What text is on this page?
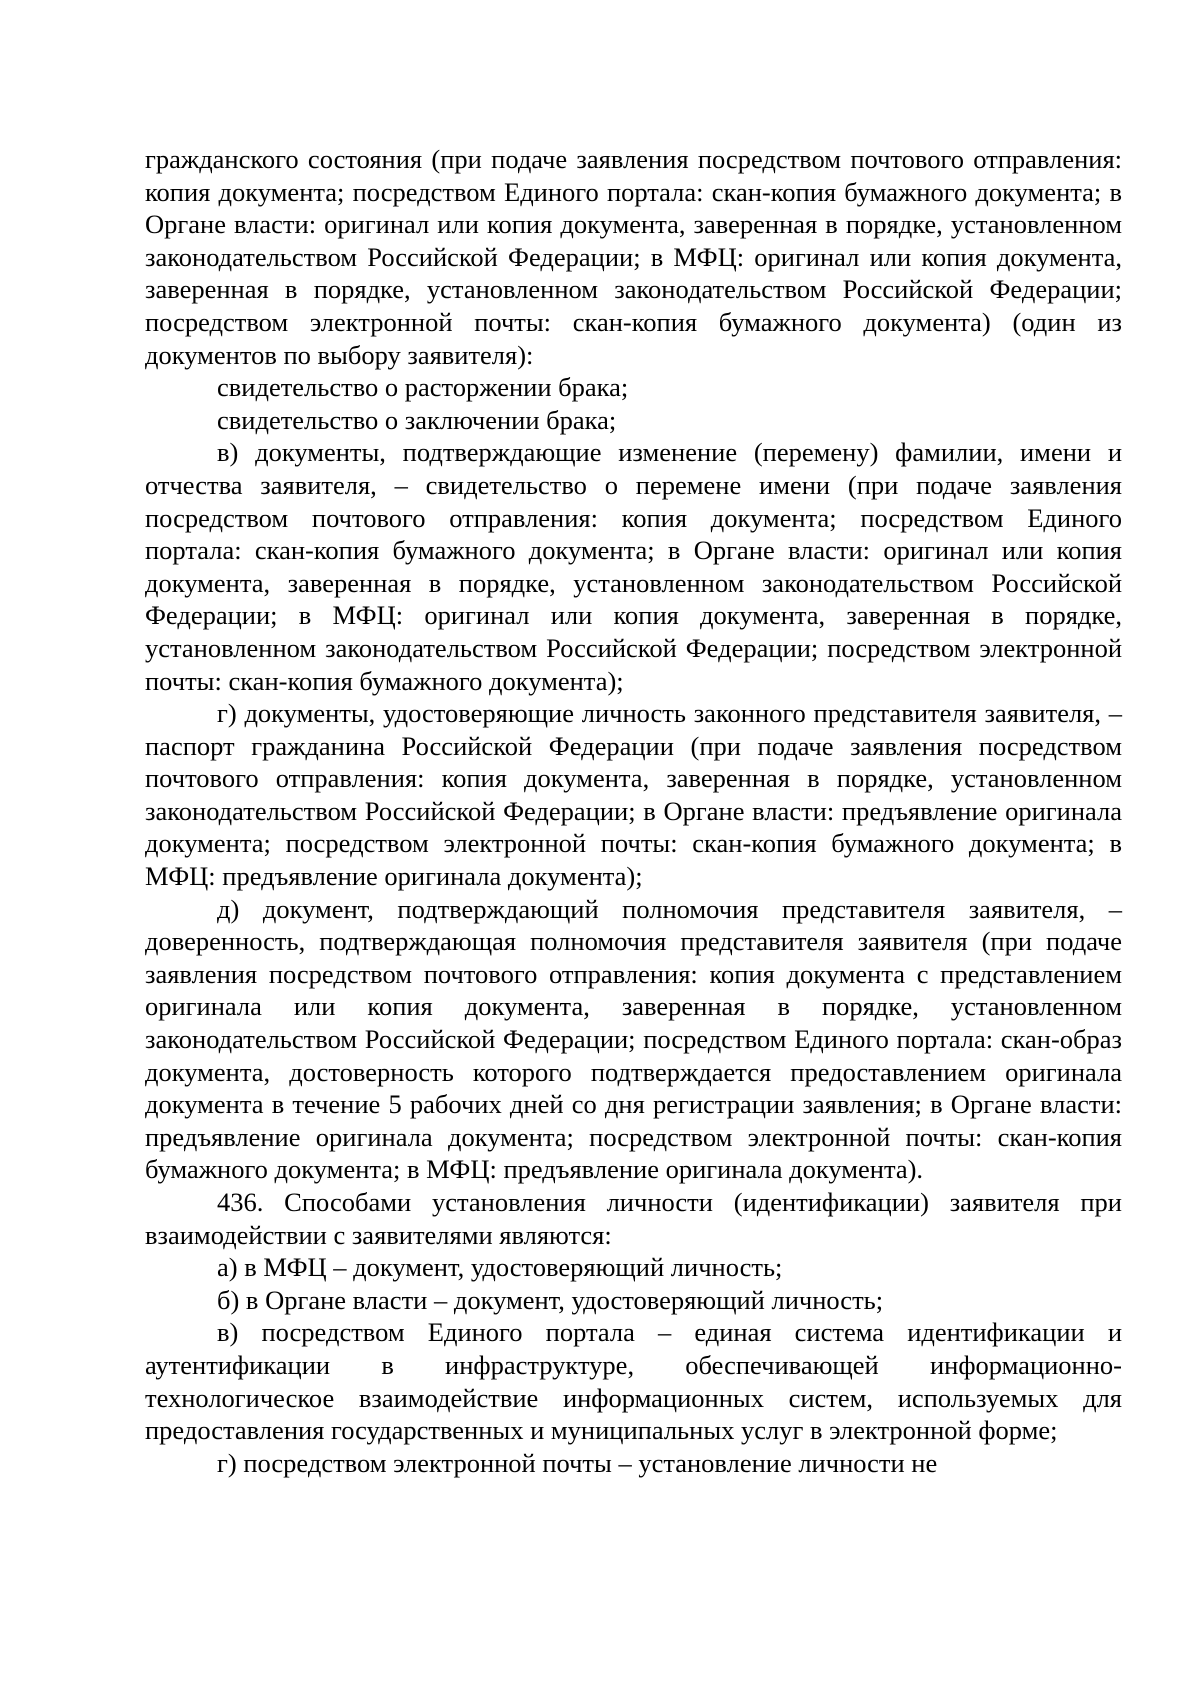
гражданского состояния (при подаче заявления посредством почтового отправления: копия документа; посредством Единого портала: скан-копия бумажного документа; в Органе власти: оригинал или копия документа, заверенная в порядке, установленном законодательством Российской Федерации; в МФЦ: оригинал или копия документа, заверенная в порядке, установленном законодательством Российской Федерации; посредством электронной почты: скан-копия бумажного документа) (один из документов по выбору заявителя):

свидетельство о расторжении брака;

свидетельство о заключении брака;

в) документы, подтверждающие изменение (перемену) фамилии, имени и отчества заявителя, – свидетельство о перемене имени (при подаче заявления посредством почтового отправления: копия документа; посредством Единого портала: скан-копия бумажного документа; в Органе власти: оригинал или копия документа, заверенная в порядке, установленном законодательством Российской Федерации; в МФЦ: оригинал или копия документа, заверенная в порядке, установленном законодательством Российской Федерации; посредством электронной почты: скан-копия бумажного документа);

г) документы, удостоверяющие личность законного представителя заявителя, – паспорт гражданина Российской Федерации (при подаче заявления посредством почтового отправления: копия документа, заверенная в порядке, установленном законодательством Российской Федерации; в Органе власти: предъявление оригинала документа; посредством электронной почты: скан-копия бумажного документа; в МФЦ: предъявление оригинала документа);

д) документ, подтверждающий полномочия представителя заявителя, – доверенность, подтверждающая полномочия представителя заявителя (при подаче заявления посредством почтового отправления: копия документа с представлением оригинала или копия документа, заверенная в порядке, установленном законодательством Российской Федерации; посредством Единого портала: скан-образ документа, достоверность которого подтверждается предоставлением оригинала документа в течение 5 рабочих дней со дня регистрации заявления; в Органе власти: предъявление оригинала документа; посредством электронной почты: скан-копия бумажного документа; в МФЦ: предъявление оригинала документа).

436. Способами установления личности (идентификации) заявителя при взаимодействии с заявителями являются:

а) в МФЦ – документ, удостоверяющий личность;

б) в Органе власти – документ, удостоверяющий личность;

в) посредством Единого портала – единая система идентификации и аутентификации в инфраструктуре, обеспечивающей информационно-технологическое взаимодействие информационных систем, используемых для предоставления государственных и муниципальных услуг в электронной форме;

г) посредством электронной почты – установление личности не
